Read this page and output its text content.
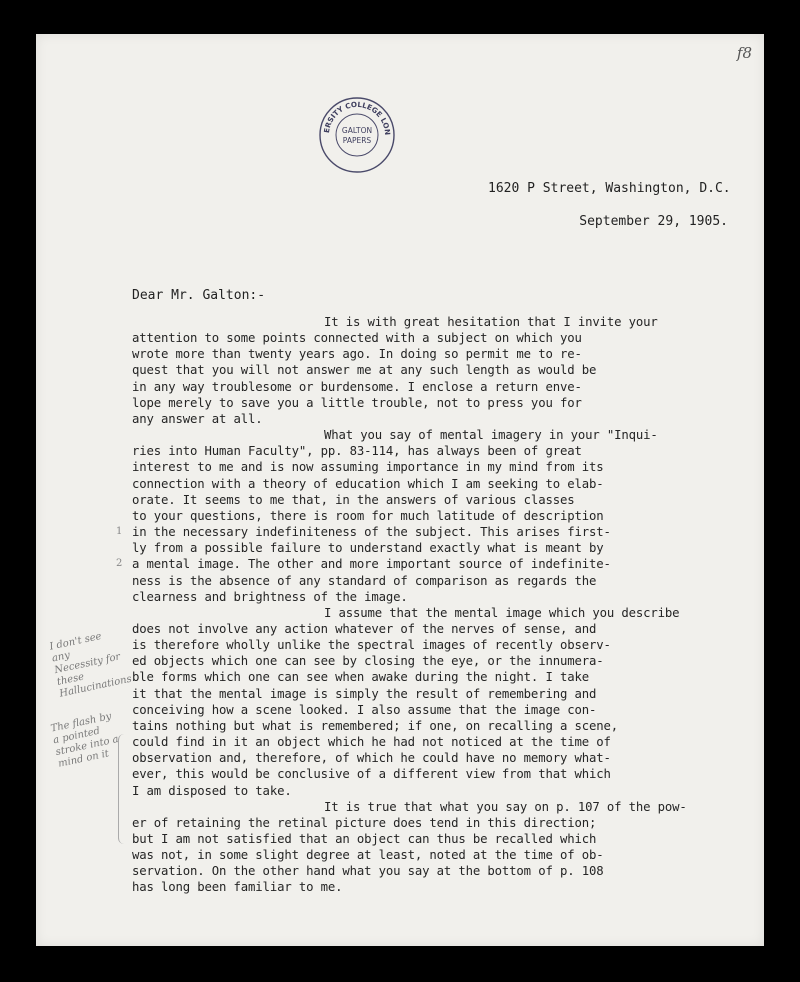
f8
ERSITY COLLEGE LON
GALTON
PAPERS
1620 P Street, Washington, D.C.
September 29, 1905.
Dear Mr. Galton:-
It is with great hesitation that I invite your
attention to some points connected with a subject on which you
wrote more than twenty years ago. In doing so permit me to re-
quest that you will not answer me at any such length as would be
in any way troublesome or burdensome. I enclose a return enve-
lope merely to save you a little trouble, not to press you for
any answer at all.
What you say of mental imagery in your "Inqui-
ries into Human Faculty", pp. 83-114, has always been of great
interest to me and is now assuming importance in my mind from its
connection with a theory of education which I am seeking to elab-
orate. It seems to me that, in the answers of various classes
to your questions, there is room for much latitude of description
in the necessary indefiniteness of the subject. This arises first-
ly from a possible failure to understand exactly what is meant by
a mental image. The other and more important source of indefinite-
ness is the absence of any standard of comparison as regards the
clearness and brightness of the image.
I assume that the mental image which you describe
does not involve any action whatever of the nerves of sense, and
is therefore wholly unlike the spectral images of recently observ-
ed objects which one can see by closing the eye, or the innumera-
ble forms which one can see when awake during the night. I take
it that the mental image is simply the result of remembering and
conceiving how a scene looked. I also assume that the image con-
tains nothing but what is remembered; if one, on recalling a scene,
could find in it an object which he had not noticed at the time of
observation and, therefore, of which he could have no memory what-
ever, this would be conclusive of a different view from that which
I am disposed to take.
It is true that what you say on p. 107 of the pow-
er of retaining the retinal picture does tend in this direction;
but I am not satisfied that an object can thus be recalled which
was not, in some slight degree at least, noted at the time of ob-
servation. On the other hand what you say at the bottom of p. 108
has long been familiar to me.
1
2
I don't see any Necessity for these Hallucinations
The flash by a pointed stroke into a mind on it
